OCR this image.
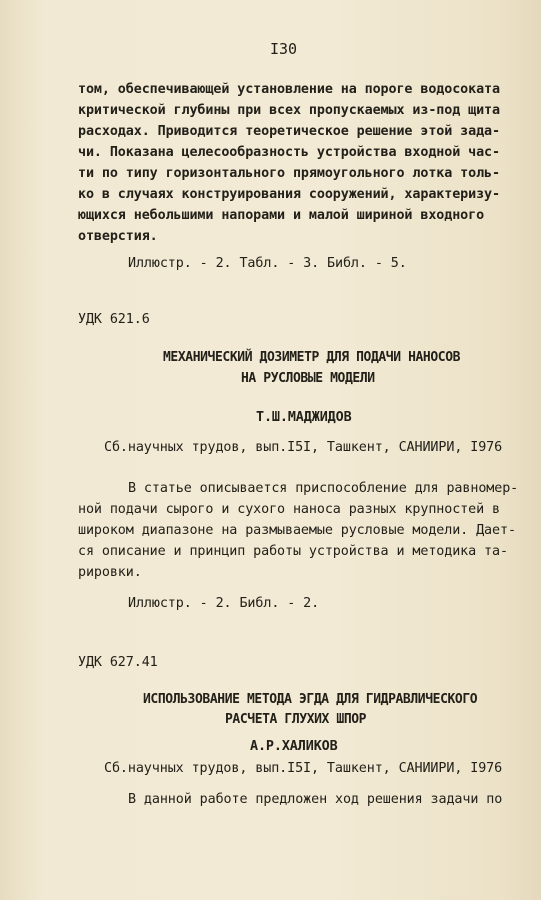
I30
том, обеспечивающей установление на пороге водосоката
критической глубины при всех пропускаемых из-под щита
расходах. Приводится теоретическое решение этой зада-
чи. Показана целесообразность устройства входной час-
ти по типу горизонтального прямоугольного лотка толь-
ко в случаях конструирования сооружений, характеризу-
ющихся небольшими напорами и малой шириной входного
отверстия.
Иллюстр. - 2. Табл. - 3. Библ. - 5.
УДК 621.6
МЕХАНИЧЕСКИЙ ДОЗИМЕТР ДЛЯ ПОДАЧИ НАНОСОВ
НА РУСЛОВЫЕ МОДЕЛИ
Т.Ш.МАДЖИДОВ
Сб.научных трудов, вып.I5I, Ташкент, САНИИРИ, I976
В статье описывается приспособление для равномер-
ной подачи сырого и сухого наноса разных крупностей в
широком диапазоне на размываемые русловые модели. Дает-
ся описание и принцип работы устройства и методика та-
рировки.
Иллюстр. - 2. Библ. - 2.
УДК 627.41
ИСПОЛЬЗОВАНИЕ МЕТОДА ЭГДА ДЛЯ ГИДРАВЛИЧЕСКОГО
РАСЧЕТА ГЛУХИХ ШПОР
А.Р.ХАЛИКОВ
Сб.научных трудов, вып.I5I, Ташкент, САНИИРИ, I976
В данной работе предложен ход решения задачи по
